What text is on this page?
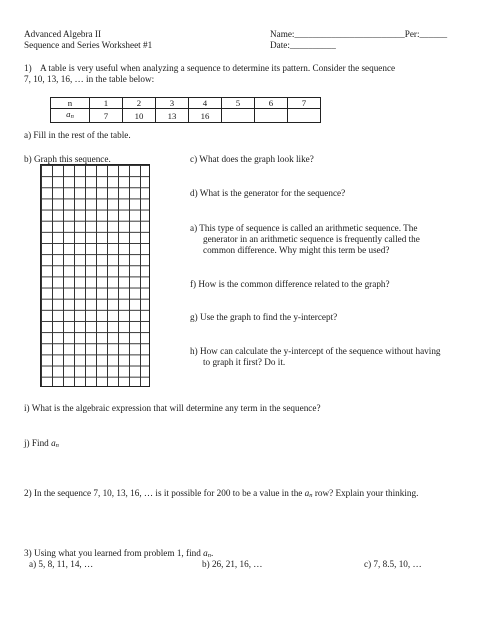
Advanced Algebra II
Sequence and Series Worksheet #1
Name:________________________Per:______
Date:__________
1) A table is very useful when analyzing a sequence to determine its pattern. Consider the sequence
7, 10, 13, 16, … in the table below:
n	1	2	3	4	5	6	7
an	7	10	13	16			
a) Fill in the rest of the table.
b) Graph this sequence.	c) What does the graph look like?
d) What is the generator for the sequence?
a) This type of sequence is called an arithmetic sequence. The
generator in an arithmetic sequence is frequently called the
common difference. Why might this term be used?
f) How is the common difference related to the graph?
g) Use the graph to find the y-intercept?
h) How can calculate the y-intercept of the sequence without having
to graph it first? Do it.
i) What is the algebraic expression that will determine any term in the sequence?
j) Find an
2) In the sequence 7, 10, 13, 16, … is it possible for 200 to be a value in the an row? Explain your thinking.
3) Using what you learned from problem 1, find an.
a) 5, 8, 11, 14, …	b) 26, 21, 16, …	c) 7, 8.5, 10, …
